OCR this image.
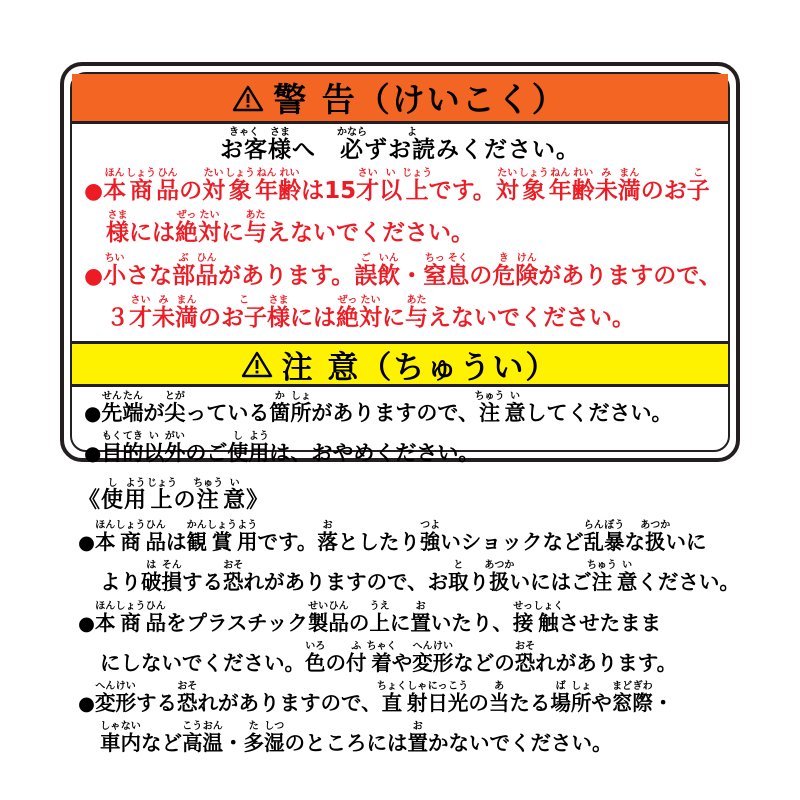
警 告（けいこく）
お客きゃく様さまへ　必かならずお読よみください。
●本ほん商しょう品ひんの対たい象しょう年ねん齢れいは15才さい以い上じょうです。対たい象しょう年ねん齢れい未み満まんのお子こ
様さまには絶ぜっ対たいに与あたえないでください。
●小ちいさな部ぶ品ひんがあります。誤ご飲いん・窒ちっ息そくの危き険けんがありますので、
３才さい未み満まんのお子こ様さまには絶ぜっ対たいに与あたえないでください。
注 意（ちゅうい）
●先せん端たんが尖とがっている箇か所しょがありますので、注ちゅう意いしてください。
●目もく的てき以い外がいのご使し用ようは、おやめください。
《使し用よう上じょうの注ちゅう意い》
●本ほん商しょう品ひんは観かん賞しょう用ようです。落おとしたり強つよいショックなど乱らん暴ぼうな扱あつかいに
より破は損そんする恐おそれがありますので、お取とり扱あつかいにはご注ちゅう意いください。
●本ほん商しょう品ひんをプラスチック製せい品ひんの上うえに置おいたり、接せっ触しょくさせたまま
にしないでください。色いろの付ふ着ちゃくや変へん形けいなどの恐おそれがあります。
●変へん形けいする恐おそれがありますので、直ちょく射しゃ日にっ光こうの当あたる場ば所しょや窓まど際ぎわ・
車しゃ内ないなど高こう温おん・多た湿しつのところには置おかないでください。
